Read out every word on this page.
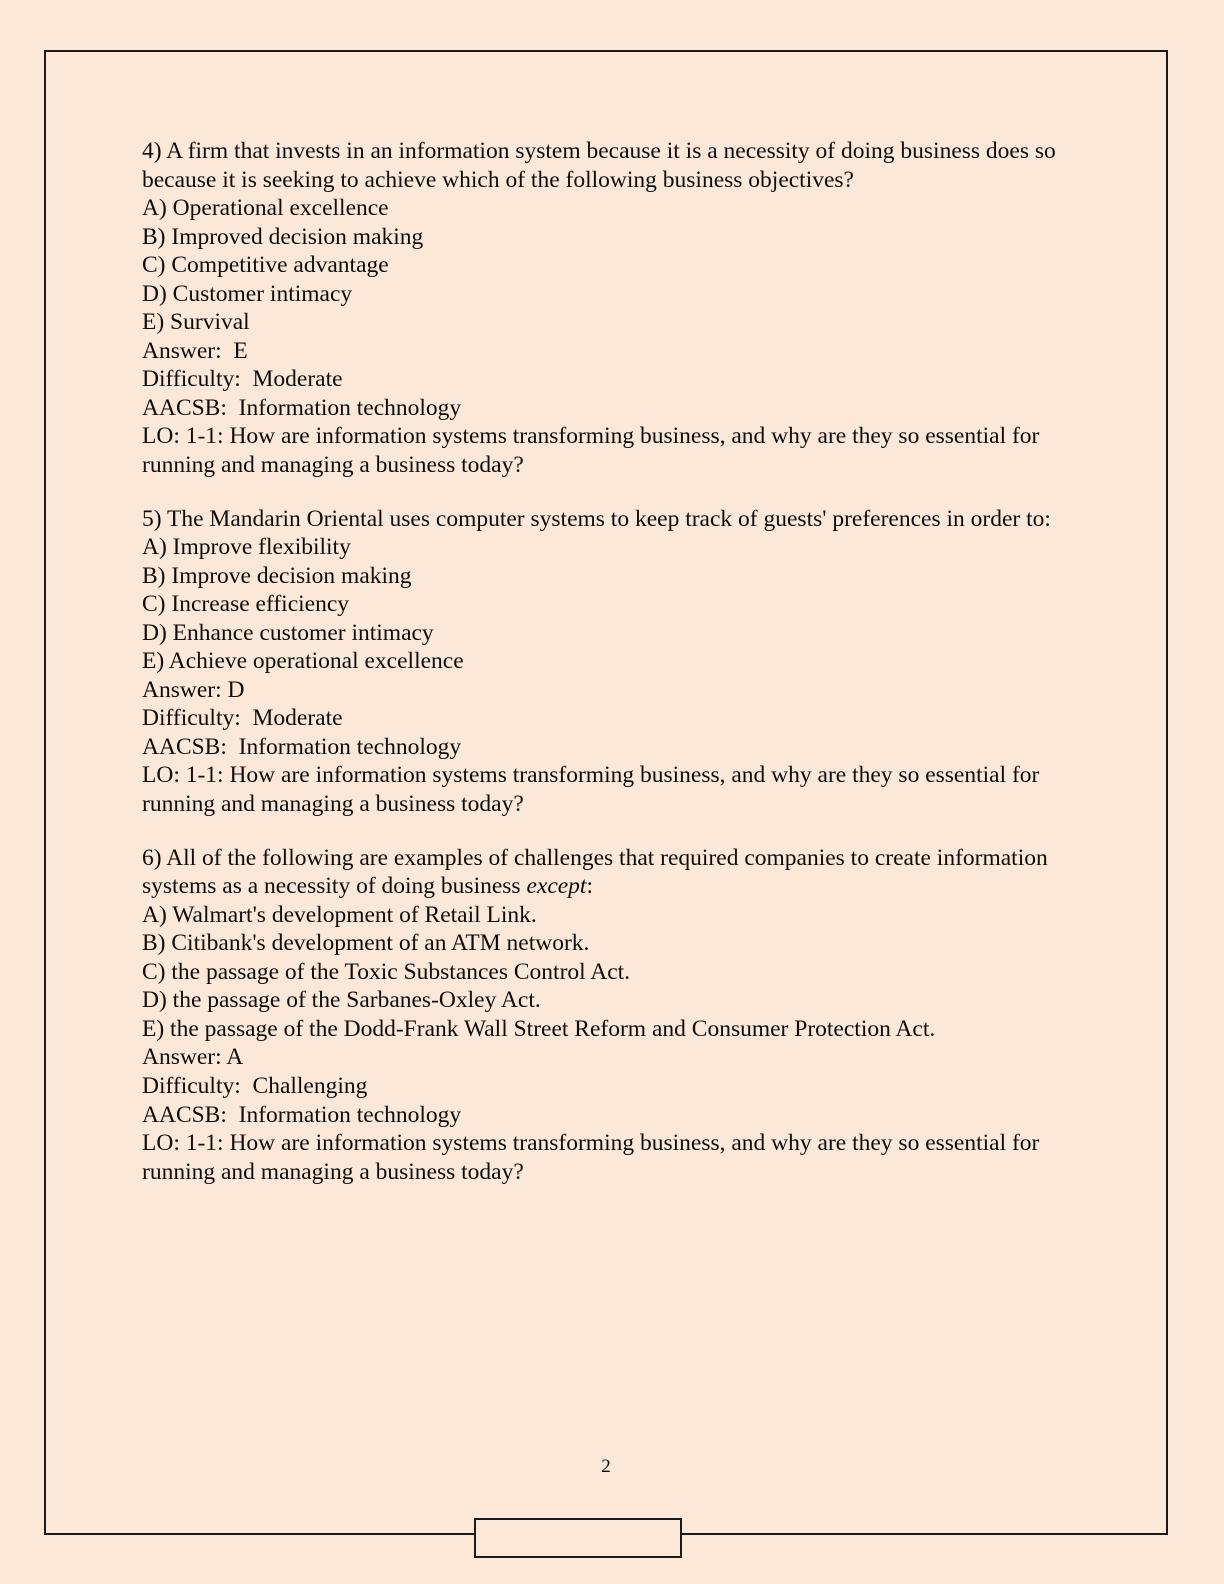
4) A firm that invests in an information system because it is a necessity of doing business does so

because it is seeking to achieve which of the following business objectives?

A) Operational excellence

B) Improved decision making

C) Competitive advantage

D) Customer intimacy

E) Survival

Answer:  E

Difficulty:  Moderate

AACSB:  Information technology

LO: 1-1: How are information systems transforming business, and why are they so essential for

running and managing a business today?

5) The Mandarin Oriental uses computer systems to keep track of guests' preferences in order to:

A) Improve flexibility

B) Improve decision making

C) Increase efficiency

D) Enhance customer intimacy

E) Achieve operational excellence

Answer: D

Difficulty:  Moderate

AACSB:  Information technology

LO: 1-1: How are information systems transforming business, and why are they so essential for

running and managing a business today?

6) All of the following are examples of challenges that required companies to create information

systems as a necessity of doing business except:

A) Walmart's development of Retail Link.

B) Citibank's development of an ATM network.

C) the passage of the Toxic Substances Control Act.

D) the passage of the Sarbanes-Oxley Act.

E) the passage of the Dodd-Frank Wall Street Reform and Consumer Protection Act.

Answer: A

Difficulty:  Challenging

AACSB:  Information technology

LO: 1-1: How are information systems transforming business, and why are they so essential for

running and managing a business today?

2
